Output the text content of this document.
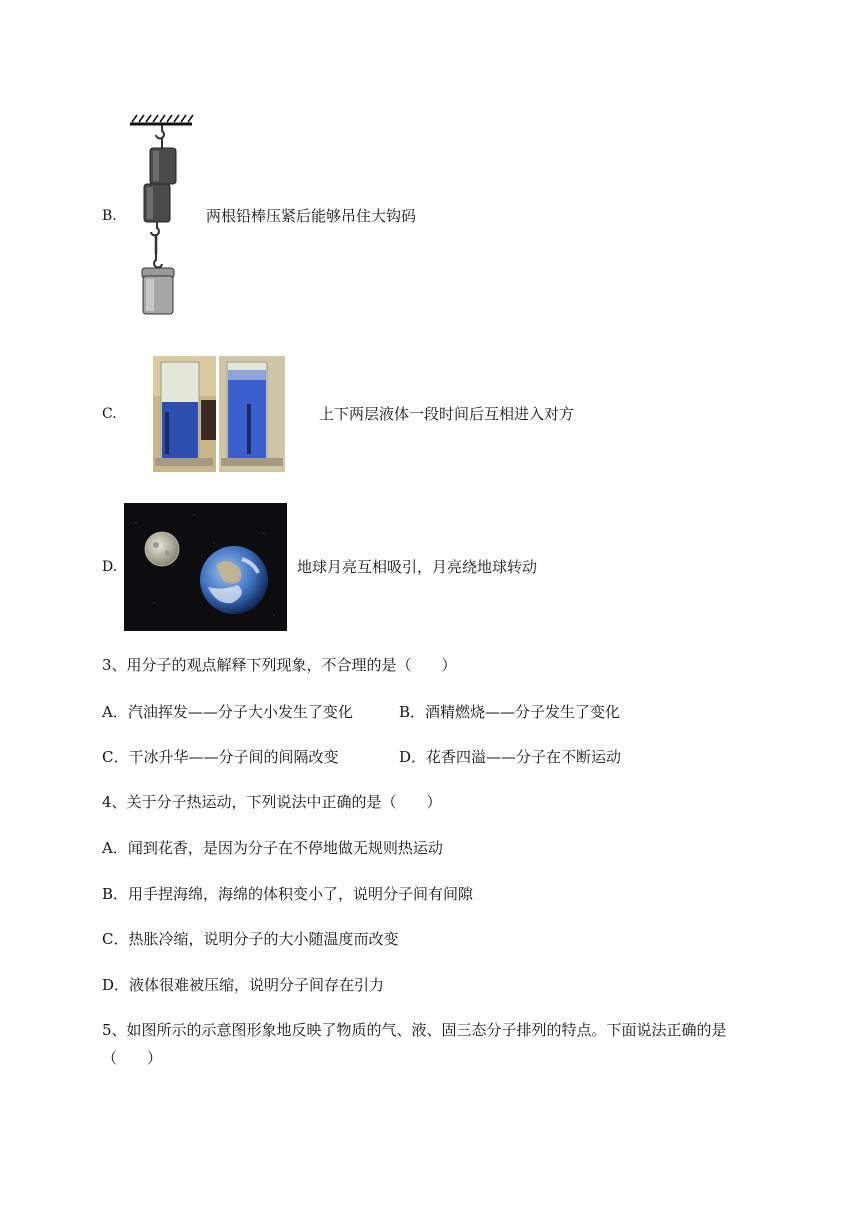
B.	两根铅棒压紧后能够吊住大钩码
C.	上下两层液体一段时间后互相进入对方
D.	地球月亮互相吸引，月亮绕地球转动
3、用分子的观点解释下列现象，不合理的是（　　）
A．汽油挥发——分子大小发生了变化	B．酒精燃烧——分子发生了变化
C．干冰升华——分子间的间隔改变	D．花香四溢——分子在不断运动
4、关于分子热运动，下列说法中正确的是（　　）
A．闻到花香，是因为分子在不停地做无规则热运动
B．用手捏海绵，海绵的体积变小了，说明分子间有间隙
C．热胀冷缩，说明分子的大小随温度而改变
D．液体很难被压缩，说明分子间存在引力
5、如图所示的示意图形象地反映了物质的气、液、固三态分子排列的特点。下面说法正确的是
（　　）
